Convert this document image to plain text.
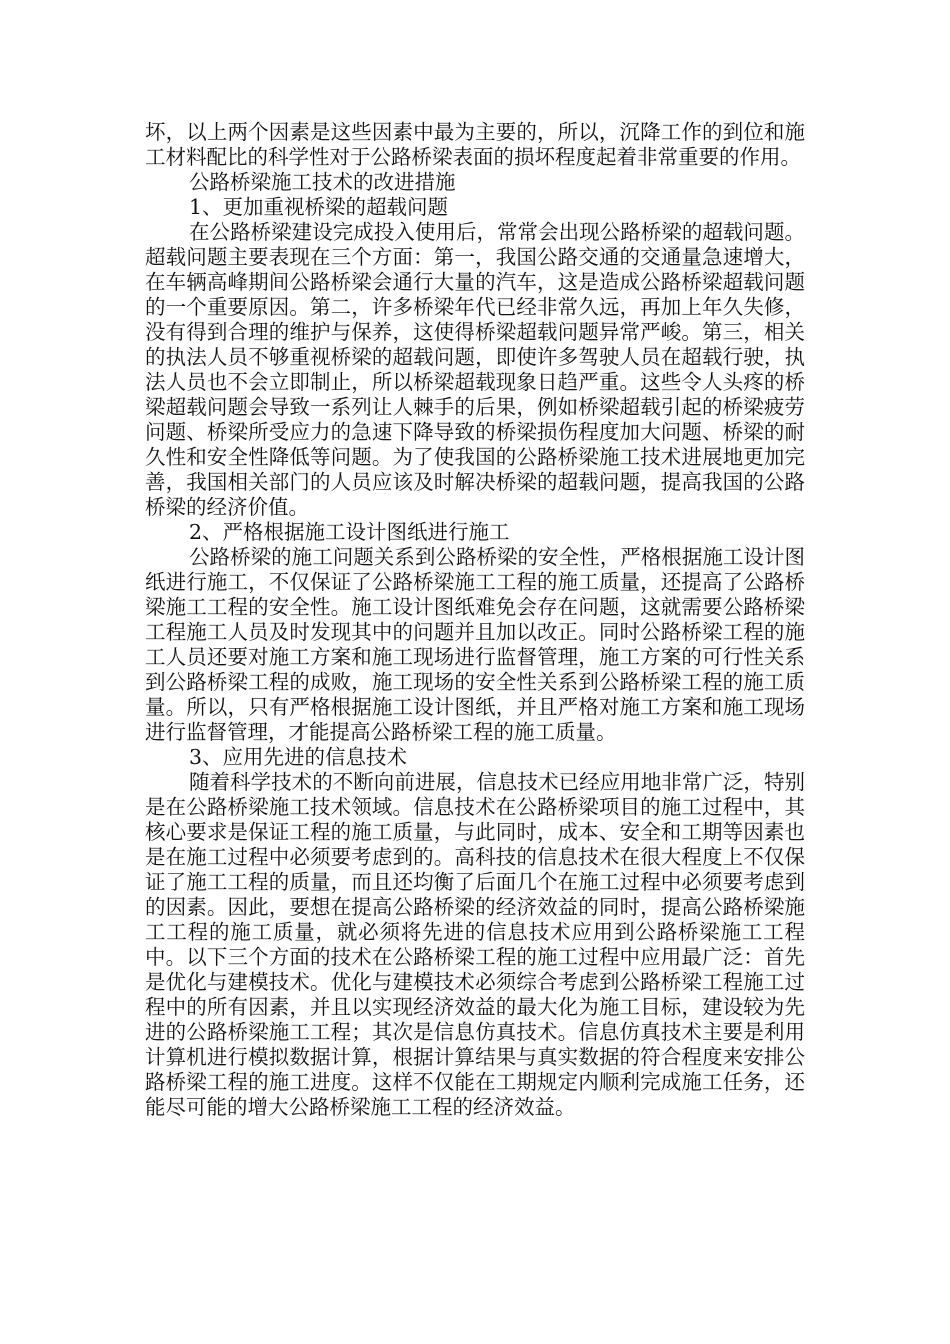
坏，以上两个因素是这些因素中最为主要的，所以，沉降工作的到位和施工材料配比的科学性对于公路桥梁表面的损坏程度起着非常重要的作用。

公路桥梁施工技术的改进措施

1、更加重视桥梁的超载问题

在公路桥梁建设完成投入使用后，常常会出现公路桥梁的超载问题。超载问题主要表现在三个方面：第一，我国公路交通的交通量急速增大，在车辆高峰期间公路桥梁会通行大量的汽车，这是造成公路桥梁超载问题的一个重要原因。第二，许多桥梁年代已经非常久远，再加上年久失修，没有得到合理的维护与保养，这使得桥梁超载问题异常严峻。第三，相关的执法人员不够重视桥梁的超载问题，即使许多驾驶人员在超载行驶，执法人员也不会立即制止，所以桥梁超载现象日趋严重。这些令人头疼的桥梁超载问题会导致一系列让人棘手的后果，例如桥梁超载引起的桥梁疲劳问题、桥梁所受应力的急速下降导致的桥梁损伤程度加大问题、桥梁的耐久性和安全性降低等问题。为了使我国的公路桥梁施工技术进展地更加完善，我国相关部门的人员应该及时解决桥梁的超载问题，提高我国的公路桥梁的经济价值。

2、严格根据施工设计图纸进行施工

公路桥梁的施工问题关系到公路桥梁的安全性，严格根据施工设计图纸进行施工，不仅保证了公路桥梁施工工程的施工质量，还提高了公路桥梁施工工程的安全性。施工设计图纸难免会存在问题，这就需要公路桥梁工程施工人员及时发现其中的问题并且加以改正。同时公路桥梁工程的施工人员还要对施工方案和施工现场进行监督管理，施工方案的可行性关系到公路桥梁工程的成败，施工现场的安全性关系到公路桥梁工程的施工质量。所以，只有严格根据施工设计图纸，并且严格对施工方案和施工现场进行监督管理，才能提高公路桥梁工程的施工质量。

3、应用先进的信息技术

随着科学技术的不断向前进展，信息技术已经应用地非常广泛，特别是在公路桥梁施工技术领域。信息技术在公路桥梁项目的施工过程中，其核心要求是保证工程的施工质量，与此同时，成本、安全和工期等因素也是在施工过程中必须要考虑到的。高科技的信息技术在很大程度上不仅保证了施工工程的质量，而且还均衡了后面几个在施工过程中必须要考虑到的因素。因此，要想在提高公路桥梁的经济效益的同时，提高公路桥梁施工工程的施工质量，就必须将先进的信息技术应用到公路桥梁施工工程中。以下三个方面的技术在公路桥梁工程的施工过程中应用最广泛：首先是优化与建模技术。优化与建模技术必须综合考虑到公路桥梁工程施工过程中的所有因素，并且以实现经济效益的最大化为施工目标，建设较为先进的公路桥梁施工工程；其次是信息仿真技术。信息仿真技术主要是利用计算机进行模拟数据计算，根据计算结果与真实数据的符合程度来安排公路桥梁工程的施工进度。这样不仅能在工期规定内顺利完成施工任务，还能尽可能的增大公路桥梁施工工程的经济效益。
